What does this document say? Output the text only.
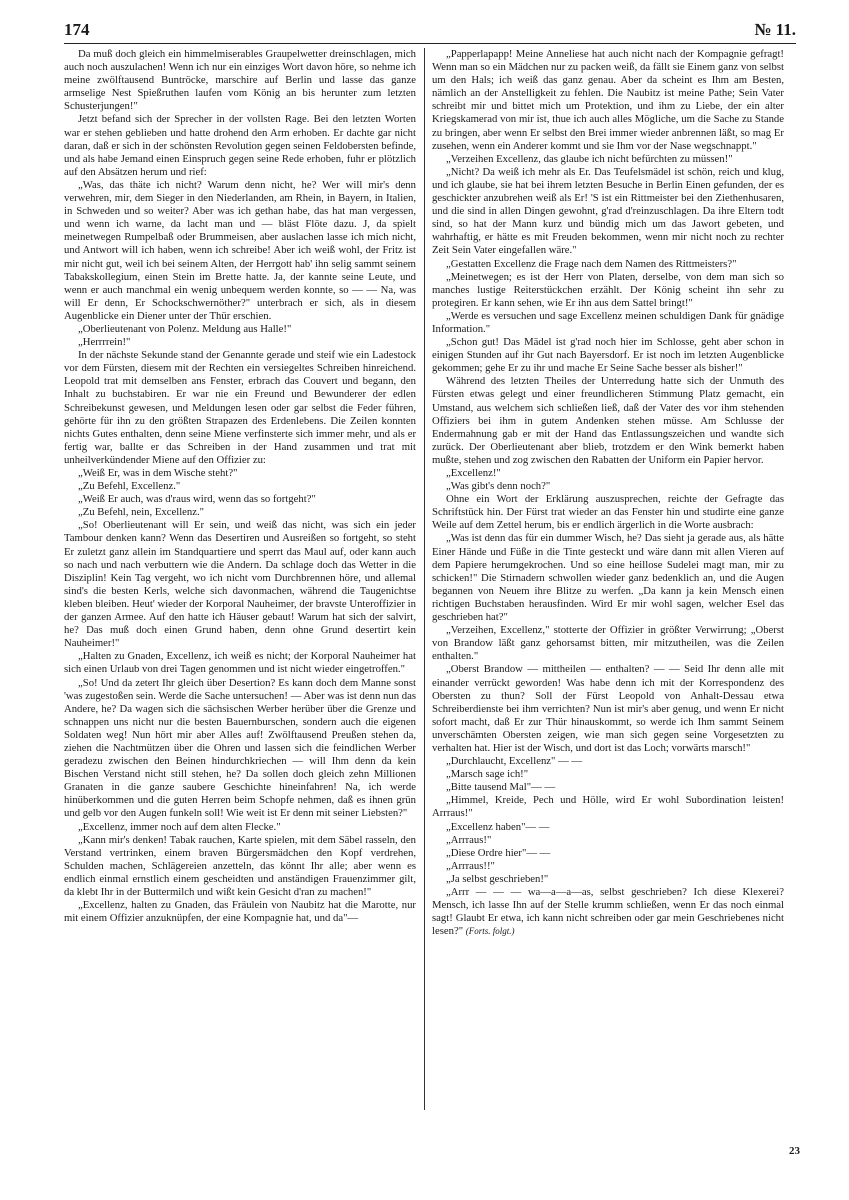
174	№ 11.

Da muß doch gleich ein himmelmiserables Graupelwetter dreinschlagen, mich auch noch auszulachen! Wenn ich nur ein einziges Wort davon höre, so nehme ich meine zwölftausend Buntröcke, marschire auf Berlin und lasse das ganze armselige Nest Spießruthen laufen vom König an bis herunter zum letzten Schusterjungen!"

Jetzt befand sich der Sprecher in der vollsten Rage. Bei den letzten Worten war er stehen geblieben und hatte drohend den Arm erhoben. Er dachte gar nicht daran, daß er sich in der schönsten Revolution gegen seinen Feldobersten befinde, und als habe Jemand einen Einspruch gegen seine Rede erhoben, fuhr er plötzlich auf den Absätzen herum und rief:

„Was, das thäte ich nicht? Warum denn nicht, he? Wer will mir's denn verwehren, mir, dem Sieger in den Niederlanden, am Rhein, in Bayern, in Italien, in Schweden und so weiter? Aber was ich gethan habe, das hat man vergessen, und wenn ich warne, da lacht man und — bläst Flöte dazu. J, da spielt meinetwegen Rumpelbaß oder Brummeisen, aber auslachen lasse ich mich nicht, und Antwort will ich haben, wenn ich schreibe! Aber ich weiß wohl, der Fritz ist mir nicht gut, weil ich bei seinem Alten, der Herrgott hab' ihn selig sammt seinem Tabakskollegium, einen Stein im Brette hatte. Ja, der kannte seine Leute, und wenn er auch manchmal ein wenig unbequem werden konnte, so — — Na, was will Er denn, Er Schockschwernöther?" unterbrach er sich, als in diesem Augenblicke ein Diener unter der Thür erschien.

„Oberlieutenant von Polenz. Meldung aus Halle!"

„Herrrrein!"

In der nächste Sekunde stand der Genannte gerade und steif wie ein Ladestock vor dem Fürsten, diesem mit der Rechten ein versiegeltes Schreiben hinreichend. Leopold trat mit demselben ans Fenster, erbrach das Couvert und begann, den Inhalt zu buchstabiren. Er war nie ein Freund und Bewunderer der edlen Schreibekunst gewesen, und Meldungen lesen oder gar selbst die Feder führen, gehörte für ihn zu den größten Strapazen des Erdenlebens. Die Zeilen konnten nichts Gutes enthalten, denn seine Miene verfinsterte sich immer mehr, und als er fertig war, ballte er das Schreiben in der Hand zusammen und trat mit unheilverkündender Miene auf den Offizier zu:

„Weiß Er, was in dem Wische steht?"

„Zu Befehl, Excellenz."

„Weiß Er auch, was d'raus wird, wenn das so fortgeht?"

„Zu Befehl, nein, Excellenz."

„So! Oberlieutenant will Er sein, und weiß das nicht, was sich ein jeder Tambour denken kann? Wenn das Desertiren und Ausreißen so fortgeht, so steht Er zuletzt ganz allein im Standquartiere und sperrt das Maul auf, oder kann auch so nach und nach verbuttern wie die Andern. Da schlage doch das Wetter in die Disziplin! Kein Tag vergeht, wo ich nicht vom Durchbrennen höre, und allemal sind's die besten Kerls, welche sich davonmachen, während die Taugenichtse kleben bleiben. Heut' wieder der Korporal Nauheimer, der bravste Unteroffizier in der ganzen Armee. Auf den hatte ich Häuser gebaut! Warum hat sich der salvirt, he? Das muß doch einen Grund haben, denn ohne Grund desertirt kein Nauheimer!"

„Halten zu Gnaden, Excellenz, ich weiß es nicht; der Korporal Nauheimer hat sich einen Urlaub von drei Tagen genommen und ist nicht wieder eingetroffen."

„So! Und da zetert Ihr gleich über Desertion? Es kann doch dem Manne sonst 'was zugestoßen sein. Werde die Sache untersuchen! — Aber was ist denn nun das Andere, he? Da wagen sich die sächsischen Werber herüber über die Grenze und schnappen uns nicht nur die besten Bauernburschen, sondern auch die eigenen Soldaten weg! Nun hört mir aber Alles auf! Zwölftausend Preußen stehen da, ziehen die Nachtmützen über die Ohren und lassen sich die feindlichen Werber geradezu zwischen den Beinen hindurchkriechen — will Ihm denn da kein Bischen Verstand nicht still stehen, he? Da sollen doch gleich zehn Millionen Granaten in die ganze saubere Geschichte hineinfahren! Na, ich werde hinüberkommen und die guten Herren beim Schopfe nehmen, daß es ihnen grün und gelb vor den Augen funkeln soll! Wie weit ist Er denn mit seiner Liebsten?"

„Excellenz, immer noch auf dem alten Flecke."

„Kann mir's denken! Tabak rauchen, Karte spielen, mit dem Säbel rasseln, den Verstand vertrinken, einem braven Bürgersmädchen den Kopf verdrehen, Schulden machen, Schlägereien anzetteln, das könnt Ihr alle; aber wenn es endlich einmal ernstlich einem gescheidten und anständigen Frauenzimmer gilt, da klebt Ihr in der Buttermilch und wißt kein Gesicht d'ran zu machen!"

„Excellenz, halten zu Gnaden, das Fräulein von Naubitz hat die Marotte, nur mit einem Offizier anzuknüpfen, der eine Kompagnie hat, und da"—

„Papperlapapp! Meine Anneliese hat auch nicht nach der Kompagnie gefragt! Wenn man so ein Mädchen nur zu packen weiß, da fällt sie Einem ganz von selbst um den Hals; ich weiß das ganz genau. Aber da scheint es Ihm am Besten, nämlich an der Anstelligkeit zu fehlen. Die Naubitz ist meine Pathe; Sein Vater schreibt mir und bittet mich um Protektion, und ihm zu Liebe, der ein alter Kriegskamerad von mir ist, thue ich auch alles Mögliche, um die Sache zu Stande zu bringen, aber wenn Er selbst den Brei immer wieder anbrennen läßt, so mag Er zusehen, wenn ein Anderer kommt und sie Ihm vor der Nase wegschnappt."

„Verzeihen Excellenz, das glaube ich nicht befürchten zu müssen!"

„Nicht? Da weiß ich mehr als Er. Das Teufelsmädel ist schön, reich und klug, und ich glaube, sie hat bei ihrem letzten Besuche in Berlin Einen gefunden, der es geschickter anzubrehen weiß als Er! 'S ist ein Rittmeister bei den Ziethenhusaren, und die sind in allen Dingen gewohnt, g'rad d'reinzuschlagen. Da ihre Eltern todt sind, so hat der Mann kurz und bündig mich um das Jawort gebeten, und wahrhaftig, er hätte es mit Freuden bekommen, wenn mir nicht noch zu rechter Zeit Sein Vater eingefallen wäre."

„Gestatten Excellenz die Frage nach dem Namen des Rittmeisters?"

„Meinetwegen; es ist der Herr von Platen, derselbe, von dem man sich so manches lustige Reiterstückchen erzählt. Der König scheint ihn sehr zu protegiren. Er kann sehen, wie Er ihn aus dem Sattel bringt!"

„Werde es versuchen und sage Excellenz meinen schuldigen Dank für gnädige Information."

„Schon gut! Das Mädel ist g'rad noch hier im Schlosse, geht aber schon in einigen Stunden auf ihr Gut nach Bayersdorf. Er ist noch im letzten Augenblicke gekommen; gehe Er zu ihr und mache Er Seine Sache besser als bisher!"

Während des letzten Theiles der Unterredung hatte sich der Unmuth des Fürsten etwas gelegt und einer freundlicheren Stimmung Platz gemacht, ein Umstand, aus welchem sich schließen ließ, daß der Vater des vor ihm stehenden Offiziers bei ihm in gutem Andenken stehen müsse. Am Schlusse der Endermahnung gab er mit der Hand das Entlassungszeichen und wandte sich zurück. Der Oberlieutenant aber blieb, trotzdem er den Wink bemerkt haben mußte, stehen und zog zwischen den Rabatten der Uniform ein Papier hervor.

„Excellenz!"

„Was gibt's denn noch?"

Ohne ein Wort der Erklärung auszusprechen, reichte der Gefragte das Schriftstück hin. Der Fürst trat wieder an das Fenster hin und studirte eine ganze Weile auf dem Zettel herum, bis er endlich ärgerlich in die Worte ausbrach:

„Was ist denn das für ein dummer Wisch, he? Das sieht ja gerade aus, als hätte Einer Hände und Füße in die Tinte gesteckt und wäre dann mit allen Vieren auf dem Papiere herumgekrochen. Und so eine heillose Sudelei magt man, mir zu schicken!" Die Stirnadern schwollen wieder ganz bedenklich an, und die Augen begannen von Neuem ihre Blitze zu werfen. „Da kann ja kein Mensch einen richtigen Buchstaben herausfinden. Wird Er mir wohl sagen, welcher Esel das geschrieben hat?"

„Verzeihen, Excellenz," stotterte der Offizier in größter Verwirrung; „Oberst von Brandow läßt ganz gehorsamst bitten, mir mitzutheilen, was die Zeilen enthalten."

„Oberst Brandow — mittheilen — enthalten? — — Seid Ihr denn alle mit einander verrückt geworden! Was habe denn ich mit der Korrespondenz des Obersten zu thun? Soll der Fürst Leopold von Anhalt-Dessau etwa Schreiberdienste bei ihm verrichten? Nun ist mir's aber genug, und wenn Er nicht sofort macht, daß Er zur Thür hinauskommt, so werde ich Ihm sammt Seinem unverschämten Obersten zeigen, wie man sich gegen seine Vorgesetzten zu verhalten hat. Hier ist der Wisch, und dort ist das Loch; vorwärts marsch!"

„Durchlaucht, Excellenz" — —

„Marsch sage ich!"

„Bitte tausend Mal"— —

„Himmel, Kreide, Pech und Hölle, wird Er wohl Subordination leisten! Arrraus!"

„Excellenz haben"— —

„Arrraus!"

„Diese Ordre hier"— —

„Arrraus!!"

„Ja selbst geschrieben!"

„Arrr — — — wa—a—a—as, selbst geschrieben? Ich diese Klexerei? Mensch, ich lasse Ihn auf der Stelle krumm schließen, wenn Er das noch einmal sagt! Glaubt Er etwa, ich kann nicht schreiben oder gar mein Geschriebenes nicht lesen?" (Forts. folgt.)

23
